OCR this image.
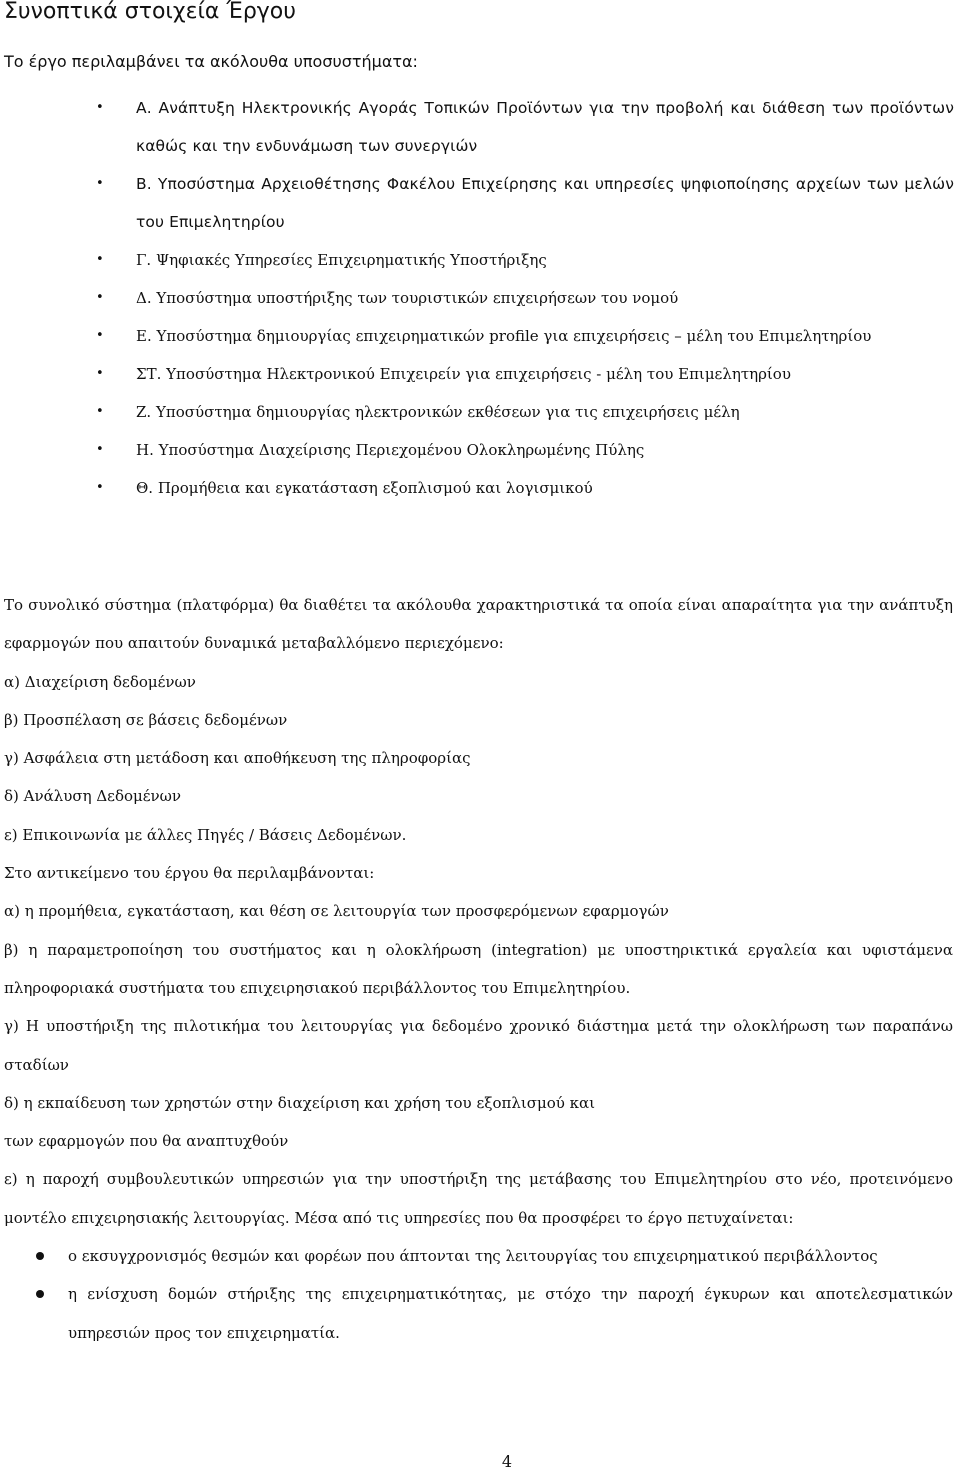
Συνοπτικά στοιχεία Έργου

Το έργο περιλαμβάνει τα ακόλουθα υποσυστήματα:

• Α. Ανάπτυξη Ηλεκτρονικής Αγοράς Τοπικών Προϊόντων για την προβολή και διάθεση των προϊόντων καθώς και την ενδυνάμωση των συνεργιών
• Β. Υποσύστημα Αρχειοθέτησης Φακέλου Επιχείρησης και υπηρεσίες ψηφιοποίησης αρχείων των μελών του Επιμελητηρίου
• Γ. Ψηφιακές Υπηρεσίες Επιχειρηματικής Υποστήριξης
• Δ. Υποσύστημα υποστήριξης των τουριστικών επιχειρήσεων του νομού
• Ε. Υποσύστημα δημιουργίας επιχειρηματικών profile για επιχειρήσεις – μέλη του Επιμελητηρίου
• ΣΤ. Υποσύστημα Ηλεκτρονικού Επιχειρείν για επιχειρήσεις - μέλη του Επιμελητηρίου
• Ζ. Υποσύστημα δημιουργίας ηλεκτρονικών εκθέσεων για τις επιχειρήσεις μέλη
• Η. Υποσύστημα Διαχείρισης Περιεχομένου Ολοκληρωμένης Πύλης
• Θ. Προμήθεια και εγκατάσταση εξοπλισμού και λογισμικού

Το συνολικό σύστημα (πλατφόρμα) θα διαθέτει τα ακόλουθα χαρακτηριστικά τα οποία είναι απαραίτητα για την ανάπτυξη εφαρμογών που απαιτούν δυναμικά μεταβαλλόμενο περιεχόμενο:

α) Διαχείριση δεδομένων

β) Προσπέλαση σε βάσεις δεδομένων

γ) Ασφάλεια στη μετάδοση και αποθήκευση της πληροφορίας

δ) Ανάλυση Δεδομένων

ε) Επικοινωνία με άλλες Πηγές / Βάσεις Δεδομένων.

Στο αντικείμενο του έργου θα περιλαμβάνονται:

α) η προμήθεια, εγκατάσταση, και θέση σε λειτουργία των προσφερόμενων εφαρμογών

β) η παραμετροποίηση του συστήματος και η ολοκλήρωση (integration) με υποστηρικτικά εργαλεία και υφιστάμενα πληροφοριακά συστήματα του επιχειρησιακού περιβάλλοντος του Επιμελητηρίου.

γ) Η υποστήριξη της πιλοτικήμα του λειτουργίας για δεδομένο χρονικό διάστημα μετά την ολοκλήρωση των παραπάνω σταδίων

δ) η εκπαίδευση των χρηστών στην διαχείριση και χρήση του εξοπλισμού και

των εφαρμογών που θα αναπτυχθούν

ε) η παροχή συμβουλευτικών υπηρεσιών για την υποστήριξη της μετάβασης του Επιμελητηρίου στο νέο, προτεινόμενο μοντέλο επιχειρησιακής λειτουργίας. Μέσα από τις υπηρεσίες που θα προσφέρει το έργο πετυχαίνεται:

ο εκσυγχρονισμός θεσμών και φορέων που άπτονται της λειτουργίας του επιχειρηματικού περιβάλλοντος
η ενίσχυση δομών στήριξης της επιχειρηματικότητας, με στόχο την παροχή έγκυρων και αποτελεσματικών υπηρεσιών προς τον επιχειρηματία.
4
